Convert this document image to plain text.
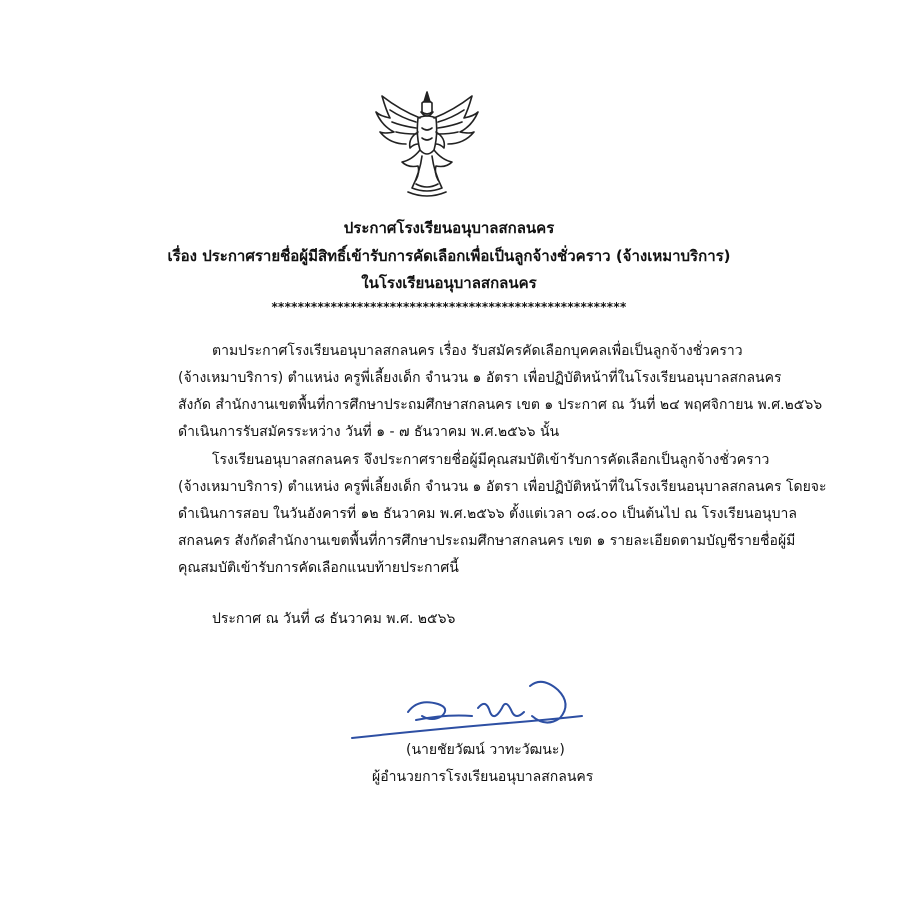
ประกาศโรงเรียนอนุบาลสกลนคร
เรื่อง ประกาศรายชื่อผู้มีสิทธิ์เข้ารับการคัดเลือกเพื่อเป็นลูกจ้างชั่วคราว (จ้างเหมาบริการ)
ในโรงเรียนอนุบาลสกลนคร
******************************************************
ตามประกาศโรงเรียนอนุบาลสกลนคร เรื่อง รับสมัครคัดเลือกบุคคลเพื่อเป็นลูกจ้างชั่วคราว
(จ้างเหมาบริการ) ตำแหน่ง ครูพี่เลี้ยงเด็ก จำนวน ๑ อัตรา เพื่อปฏิบัติหน้าที่ในโรงเรียนอนุบาลสกลนคร
สังกัด สำนักงานเขตพื้นที่การศึกษาประถมศึกษาสกลนคร เขต ๑ ประกาศ ณ วันที่ ๒๔ พฤศจิกายน พ.ศ.๒๕๖๖
ดำเนินการรับสมัครระหว่าง วันที่ ๑ - ๗ ธันวาคม พ.ศ.๒๕๖๖ นั้น
โรงเรียนอนุบาลสกลนคร จึงประกาศรายชื่อผู้มีคุณสมบัติเข้ารับการคัดเลือกเป็นลูกจ้างชั่วคราว
(จ้างเหมาบริการ) ตำแหน่ง ครูพี่เลี้ยงเด็ก จำนวน ๑ อัตรา เพื่อปฏิบัติหน้าที่ในโรงเรียนอนุบาลสกลนคร โดยจะ
ดำเนินการสอบ ในวันอังคารที่ ๑๒ ธันวาคม พ.ศ.๒๕๖๖ ตั้งแต่เวลา ๐๘.๐๐ เป็นต้นไป ณ โรงเรียนอนุบาล
สกลนคร สังกัดสำนักงานเขตพื้นที่การศึกษาประถมศึกษาสกลนคร เขต ๑ รายละเอียดตามบัญชีรายชื่อผู้มี
คุณสมบัติเข้ารับการคัดเลือกแนบท้ายประกาศนี้
ประกาศ ณ วันที่ ๘ ธันวาคม พ.ศ. ๒๕๖๖
(นายชัยวัฒน์ วาทะวัฒนะ)
ผู้อำนวยการโรงเรียนอนุบาลสกลนคร
